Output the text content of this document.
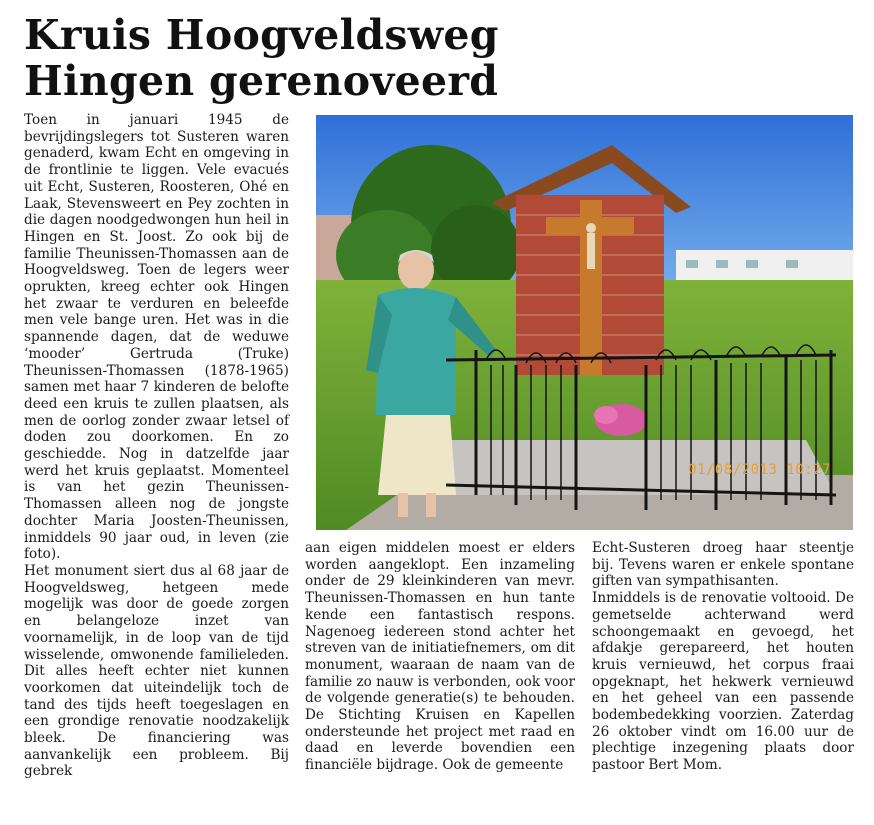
Kruis Hoogveldsweg
Hingen gerenoveerd

Toen in januari 1945 de bevrijdingslegers tot Susteren waren genaderd, kwam Echt en omgeving in de frontlinie te liggen. Vele evacués uit Echt, Susteren, Roosteren, Ohé en Laak, Stevensweert en Pey zochten in die dagen noodgedwongen hun heil in Hingen en St. Joost. Zo ook bij de familie Theunissen-Thomassen aan de Hoogveldsweg. Toen de legers weer oprukten, kreeg echter ook Hingen het zwaar te verduren en beleefde men vele bange uren. Het was in die spannende dagen, dat de weduwe ‘mooder’ Gertruda (Truke) Theunissen-Thomassen (1878-1965) samen met haar 7 kinderen de belofte deed een kruis te zullen plaatsen, als men de oorlog zonder zwaar letsel of doden zou doorkomen. En zo geschiedde. Nog in datzelfde jaar werd het kruis geplaatst. Momenteel is van het gezin Theunissen-Thomassen alleen nog de jongste dochter Maria Joosten-Theunissen, inmiddels 90 jaar oud, in leven (zie foto).

Het monument siert dus al 68 jaar de Hoogveldsweg, hetgeen mede mogelijk was door de goede zorgen en belangeloze inzet van voornamelijk, in de loop van de tijd wisselende, omwonende familieleden. Dit alles heeft echter niet kunnen voorkomen dat uiteindelijk toch de tand des tijds heeft toegeslagen en een grondige renovatie noodzakelijk bleek. De financiering was aanvankelijk een probleem. Bij gebrek

01/08/2013 10:27

aan eigen middelen moest er elders worden aangeklopt. Een inzameling onder de 29 kleinkinderen van mevr. Theunissen-Thomassen en hun tante kende een fantastisch respons. Nagenoeg iedereen stond achter het streven van de initiatiefnemers, om dit monument, waaraan de naam van de familie zo nauw is verbonden, ook voor de volgende generatie(s) te behouden. De Stichting Kruisen en Kapellen ondersteunde het project met raad en daad en leverde bovendien een financiële bijdrage. Ook de gemeente

Echt-Susteren droeg haar steentje bij. Tevens waren er enkele spontane giften van sympathisanten.

Inmiddels is de renovatie voltooid. De gemetselde achterwand werd schoongemaakt en gevoegd, het afdakje gerepareerd, het houten kruis vernieuwd, het corpus fraai opgeknapt, het hekwerk vernieuwd en het geheel van een passende bodembedekking voorzien. Zaterdag 26 oktober vindt om 16.00 uur de plechtige inzegening plaats door pastoor Bert Mom.
